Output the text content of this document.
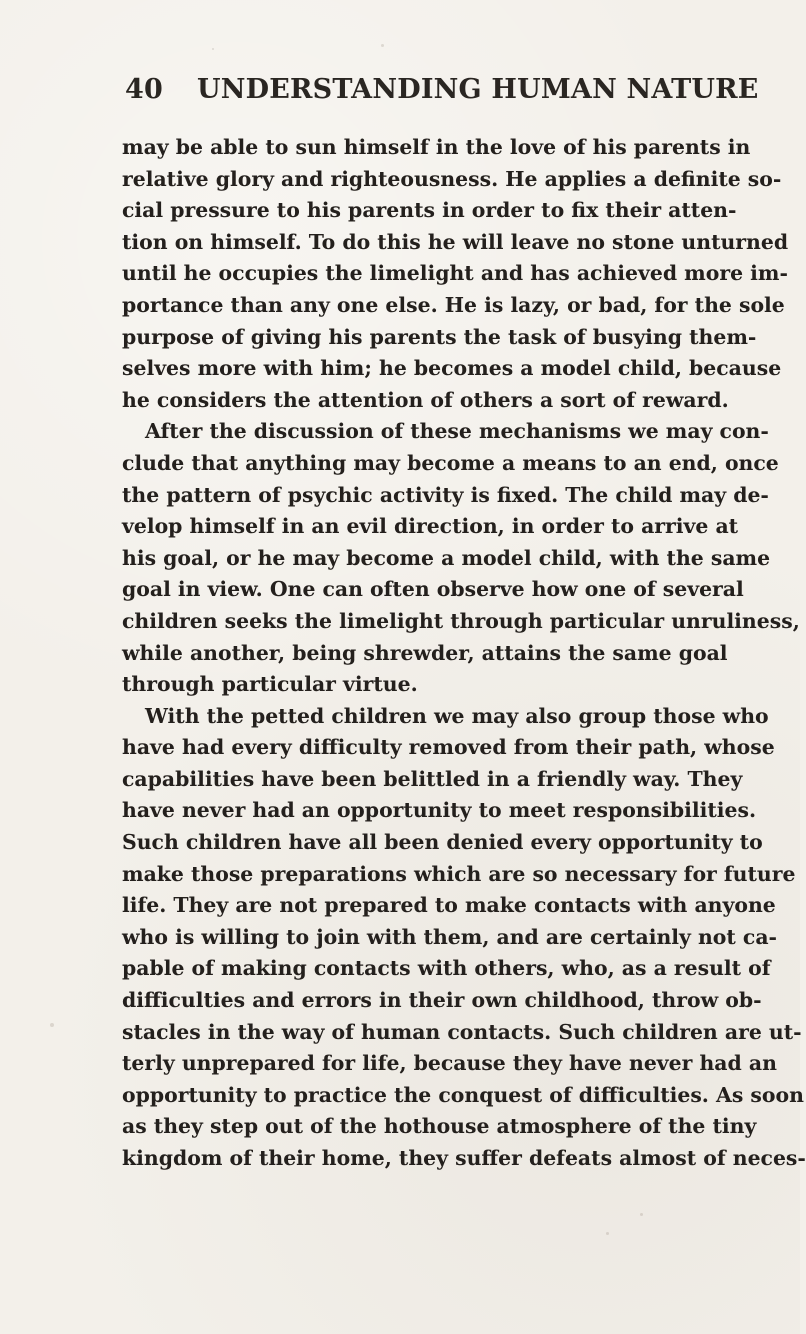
40 UNDERSTANDING HUMAN NATURE
may be able to sun himself in the love of his parents in
relative glory and righteousness. He applies a definite so-
cial pressure to his parents in order to fix their atten-
tion on himself. To do this he will leave no stone unturned
until he occupies the limelight and has achieved more im-
portance than any one else. He is lazy, or bad, for the sole
purpose of giving his parents the task of busying them-
selves more with him; he becomes a model child, because
he considers the attention of others a sort of reward.
After the discussion of these mechanisms we may con-
clude that anything may become a means to an end, once
the pattern of psychic activity is fixed. The child may de-
velop himself in an evil direction, in order to arrive at
his goal, or he may become a model child, with the same
goal in view. One can often observe how one of several
children seeks the limelight through particular unruliness,
while another, being shrewder, attains the same goal
through particular virtue.
With the petted children we may also group those who
have had every difficulty removed from their path, whose
capabilities have been belittled in a friendly way. They
have never had an opportunity to meet responsibilities.
Such children have all been denied every opportunity to
make those preparations which are so necessary for future
life. They are not prepared to make contacts with anyone
who is willing to join with them, and are certainly not ca-
pable of making contacts with others, who, as a result of
difficulties and errors in their own childhood, throw ob-
stacles in the way of human contacts. Such children are ut-
terly unprepared for life, because they have never had an
opportunity to practice the conquest of difficulties. As soon
as they step out of the hothouse atmosphere of the tiny
kingdom of their home, they suffer defeats almost of neces-
